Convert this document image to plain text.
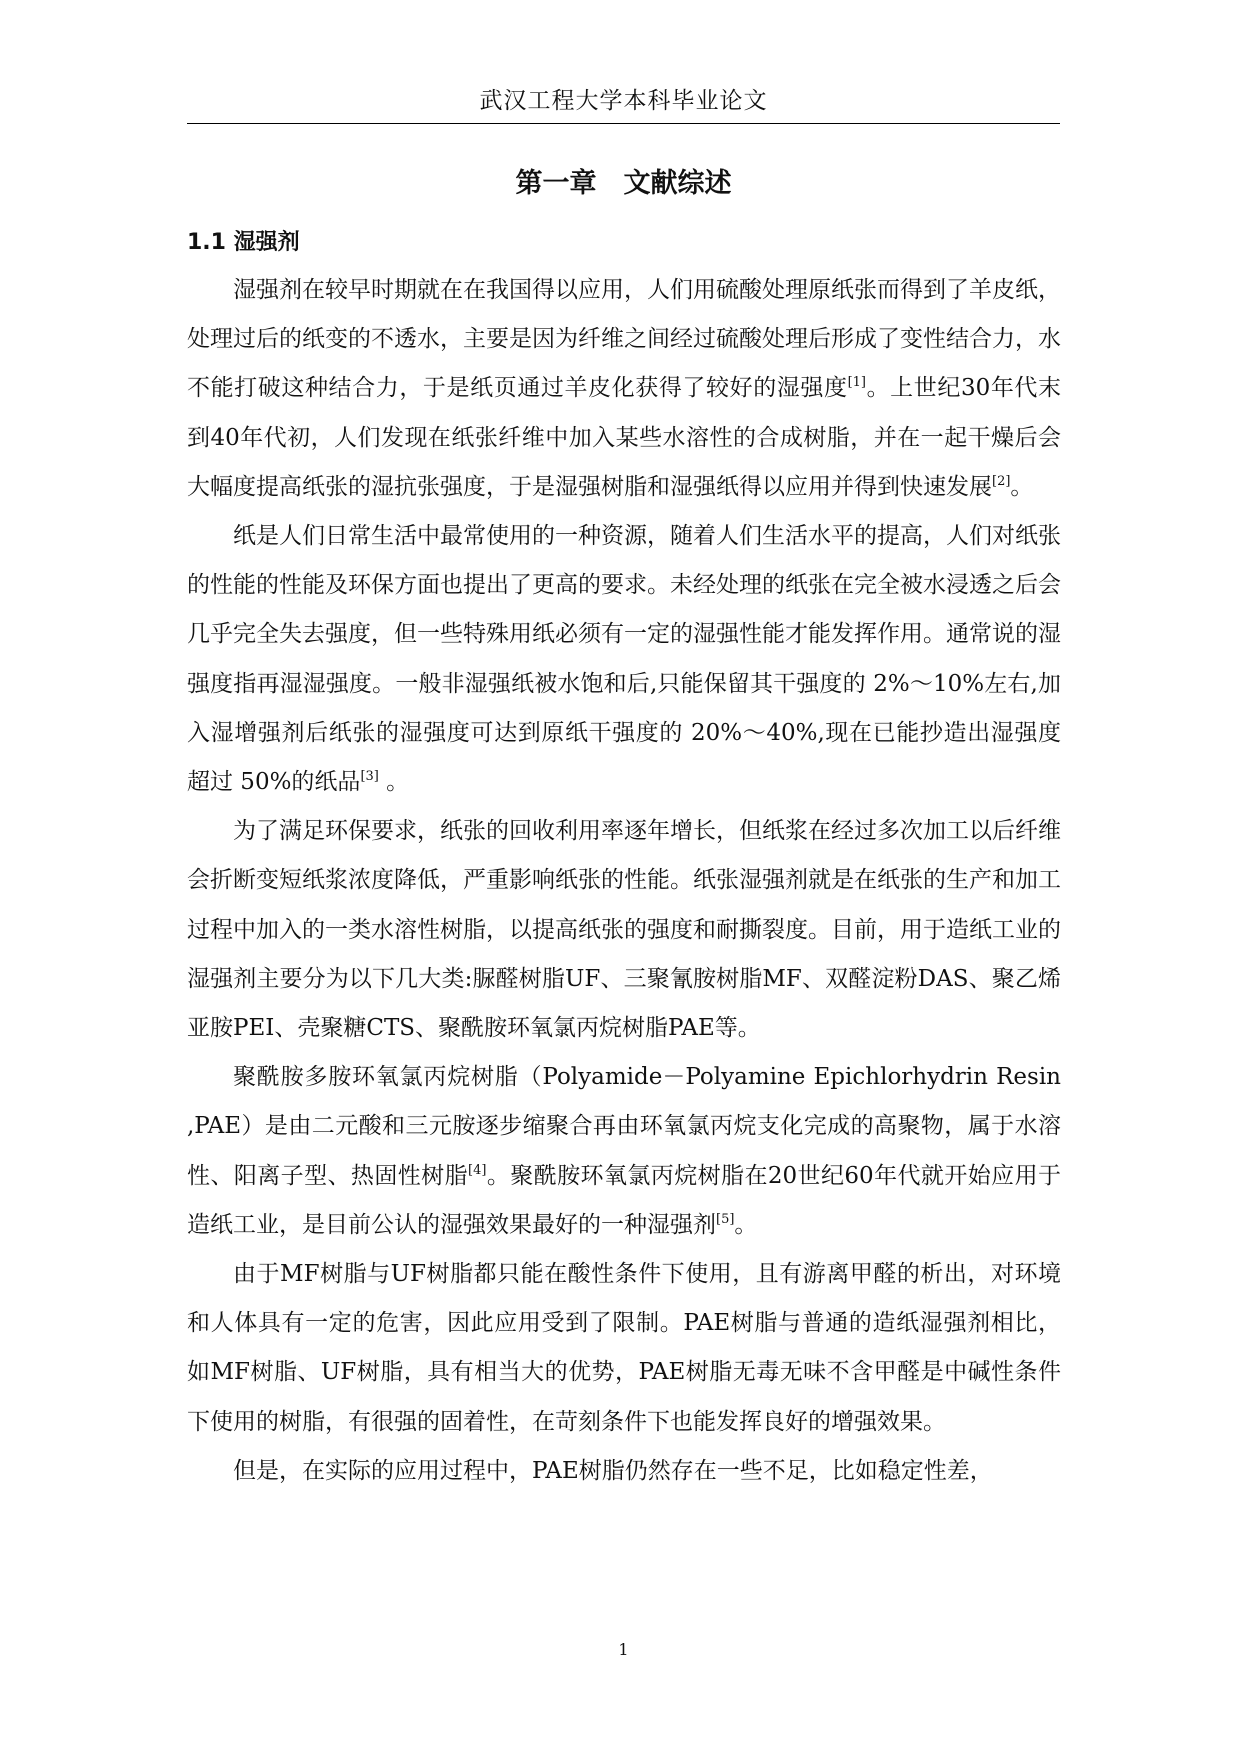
武汉工程大学本科毕业论文
第一章　文献综述
1.1 湿强剂

湿强剂在较早时期就在在我国得以应用，人们用硫酸处理原纸张而得到了羊皮纸，处理过后的纸变的不透水，主要是因为纤维之间经过硫酸处理后形成了变性结合力，水不能打破这种结合力，于是纸页通过羊皮化获得了较好的湿强度[1]。上世纪30年代末到40年代初，人们发现在纸张纤维中加入某些水溶性的合成树脂，并在一起干燥后会大幅度提高纸张的湿抗张强度，于是湿强树脂和湿强纸得以应用并得到快速发展[2]。

纸是人们日常生活中最常使用的一种资源，随着人们生活水平的提高，人们对纸张的性能的性能及环保方面也提出了更高的要求。未经处理的纸张在完全被水浸透之后会几乎完全失去强度，但一些特殊用纸必须有一定的湿强性能才能发挥作用。通常说的湿强度指再湿湿强度。一般非湿强纸被水饱和后,只能保留其干强度的 2%～10%左右,加入湿增强剂后纸张的湿强度可达到原纸干强度的 20%～40%,现在已能抄造出湿强度超过 50%的纸品[3] 。

为了满足环保要求，纸张的回收利用率逐年增长，但纸浆在经过多次加工以后纤维会折断变短纸浆浓度降低，严重影响纸张的性能。纸张湿强剂就是在纸张的生产和加工过程中加入的一类水溶性树脂，以提高纸张的强度和耐撕裂度。目前，用于造纸工业的湿强剂主要分为以下几大类:脲醛树脂UF、三聚氰胺树脂MF、双醛淀粉DAS、聚乙烯亚胺PEI、壳聚糖CTS、聚酰胺环氧氯丙烷树脂PAE等。

聚酰胺多胺环氧氯丙烷树脂（Polyamide－Polyamine Epichlorhydrin Resin ,PAE）是由二元酸和三元胺逐步缩聚合再由环氧氯丙烷支化完成的高聚物，属于水溶性、阳离子型、热固性树脂[4]。聚酰胺环氧氯丙烷树脂在20世纪60年代就开始应用于造纸工业，是目前公认的湿强效果最好的一种湿强剂[5]。

由于MF树脂与UF树脂都只能在酸性条件下使用，且有游离甲醛的析出，对环境和人体具有一定的危害，因此应用受到了限制。PAE树脂与普通的造纸湿强剂相比，如MF树脂、UF树脂，具有相当大的优势，PAE树脂无毒无味不含甲醛是中碱性条件下使用的树脂，有很强的固着性，在苛刻条件下也能发挥良好的增强效果。

但是，在实际的应用过程中，PAE树脂仍然存在一些不足，比如稳定性差，

1
